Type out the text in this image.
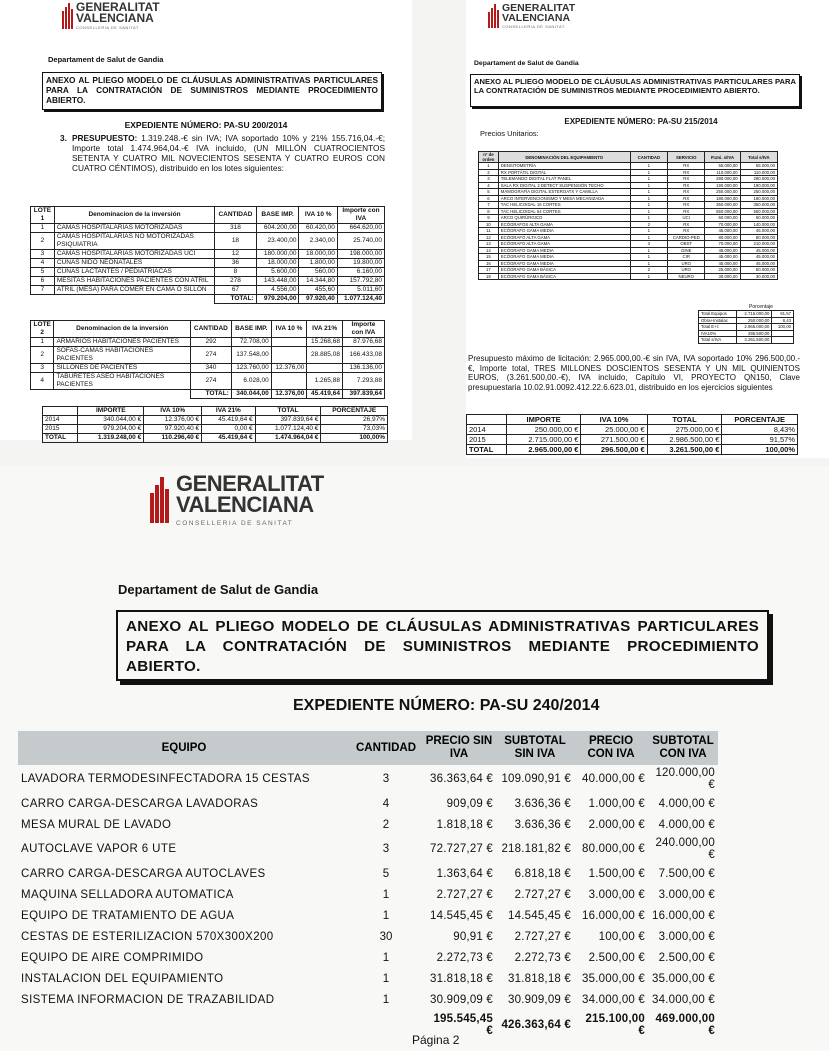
GENERALITAT
VALENCIANA
CONSELLERIA DE SANITAT
Departament de Salut de Gandia
ANEXO AL PLIEGO MODELO DE CLÁUSULAS ADMINISTRATIVAS PARTICULARES PARA LA CONTRATACIÓN DE SUMINISTROS MEDIANTE PROCEDIMIENTO ABIERTO.
EXPEDIENTE NÚMERO: PA-SU 200/2014
3. PRESUPUESTO: 1.319.248.-€ sin IVA; IVA soportado 10% y 21% 155.716,04.-€; Importe total 1.474.964,04.-€ IVA incluido, (UN MILLÓN CUATROCIENTOS SETENTA Y CUATRO MIL NOVECIENTOS SESENTA Y CUATRO EUROS CON CUATRO CÉNTIMOS), distribuido en los lotes siguientes:
LOTE 1	Denominacion de la inversión	CANTIDAD	BASE IMP.	IVA 10 %	Importe con IVA
1	CAMAS HOSPITALARIAS MOTORIZADAS	318	604.200,00	60.420,00	664.620,00
2	CAMAS HOSPITALARIAS NO MOTORIZADAS PSIQUIATRIA	18	23.400,00	2.340,00	25.740,00
3	CAMAS HOSPITALARIAS MOTORIZADAS UCI	12	180.000,00	18.000,00	198.000,00
4	CUNAS NIDO NEONATALES	36	18.000,00	1.800,00	19.800,00
5	CUNAS LACTANTES / PEDIATRIACAS	8	5.600,00	560,00	6.160,00
6	MESITAS HABITACIONES PACIENTES CON ATRIL	278	143.448,00	14.344,80	157.792,80
7	ATRIL (MESA) PARA COMER EN CAMA O SILLON	67	4.556,00	455,60	5.011,60
		TOTAL:	979.204,00	97.920,40	1.077.124,40
LOTE 2	Denominacion de la inversión	CANTIDAD	BASE IMP.	IVA 10 %	IVA 21%	Importe con IVA
1	ARMARIOS HABITACIONES PACIENTES	292	72.708,00		15.268,68	87.976,68
2	SOFAS-CAMAS HABITACIONES PACIENTES	274	137.548,00		28.885,08	166.433,08
3	SILLONES DE PACIENTES	340	123.760,00	12.376,00		136.136,00
4	TABURETES ASEO HABITACIONES PACIENTES	274	6.028,00		1.265,88	7.293,88
		TOTAL:	340.044,00	12.376,00	45.419,64	397.839,64
	IMPORTE	IVA 10%	IVA 21%	TOTAL	PORCENTAJE
2014	340.044,00 €	12.376,00 €	45.419,64 €	397.839,64 €	26,97%
2015	979.204,00 €	97.920,40 €	0,00 €	1.077.124,40 €	73,03%
TOTAL	1.319.248,00 €	110.296,40 €	45.419,64 €	1.474.964,04 €	100,00%
GENERALITAT
VALENCIANA
CONSELLERIA DE SANITAT
Departament de Salut de Gandia
ANEXO AL PLIEGO MODELO DE CLÁUSULAS ADMINISTRATIVAS PARTICULARES PARA LA CONTRATACIÓN DE SUMINISTROS MEDIANTE PROCEDIMIENTO ABIERTO.
EXPEDIENTE NÚMERO: PA-SU 215/2014
Precios Unitarios:
nº de orden	DENOMINACIÓN DEL EQUIPAMIENTO	CANTIDAD	SERVICIO	P.Uni. s/IVA	Total s/IVA
1	DENSITOMETRÍA	1	RX	55.000,00	55.000,00
2	RX PORTÁTIL DIGITAL	1	RX	110.000,00	110.000,00
3	TELEMANDO DIGITAL FLAT PANEL	1	RX	280.000,00	280.000,00
4	SALA RX DIGITAL 2 DETECT SUSPENSIÓN TECHO	1	RX	190.000,00	190.000,00
5	MAMOGRAFÍA DIGITAL ESTEROATX Y CAMILLA	1	RX	250.000,00	250.000,00
6	ARCO INTERVENCIONISMO Y MESA MECANIZADA	1	RX	180.000,00	180.000,00
7	TAC HELICOIDAL 16 CORTES	1	RX	350.000,00	350.000,00
8	TAC HELICOIDAL 64 CORTES	1	RX	550.000,00	550.000,00
9	ARCO QUIRÚRGICO	1	UCI	60.000,00	60.000,00
10	ECÓGRAFOS ALTA GAMA	2	RX	70.000,00	140.000,00
11	ECÓGRAFO GAMA MEDIA	1	RX	45.000,00	45.000,00
12	ECÓGRAFO ALTA GAMA	1	CARDIO-PED	80.000,00	80.000,00
13	ECÓGRAFO ALTA GAMA	3	OBST	70.000,00	210.000,00
14	ECÓGRAFO GAMA MEDIA	1	GINE	45.000,00	45.000,00
15	ECÓGRAFO GAMA MEDIA	1	CIR	45.000,00	45.000,00
16	ECÓGRAFO GAMA MEDIA	1	URO	45.000,00	45.000,00
17	ECÓGRAFO GAMA BÁSICA	2	URO	25.000,00	50.000,00
18	ECÓGRAFO GAMA BÁSICA	1	NEURO	30.000,00	30.000,00
Porcentaje
Total Equipos	2.715.000,00	91,57
Obra+Instalac	250.000,00	8,43
Total E+I:	2.965.000,00	100,00
IVA10%	296.500,00	
Total s/IVA	3.261.500,00	
Presupuesto máximo de licitación: 2.965.000,00.-€ sin IVA, IVA soportado 10% 296.500,00.-€, Importe total, TRES MILLONES DOSCIENTOS SESENTA Y UN MIL QUINIENTOS EUROS, (3.261.500,00.-€), IVA incluido, Capítulo VI, PROYECTO QN150, Clave presupuestaria 10.02.91.0092.412.22.6.623.01, distribuido en los ejercicios siguientes
	IMPORTE	IVA 10%	TOTAL	PORCENTAJE
2014	250.000,00 €	25.000,00 €	275.000,00 €	8,43%
2015	2.715.000,00 €	271.500,00 €	2.986.500,00 €	91,57%
TOTAL	2.965.000,00 €	296.500,00 €	3.261.500,00 €	100,00%
GENERALITAT
VALENCIANA
CONSELLERIA DE SANITAT
Departament de Salut de Gandia
ANEXO AL PLIEGO MODELO DE CLÁUSULAS ADMINISTRATIVAS PARTICULARES PARA LA CONTRATACIÓN DE SUMINISTROS MEDIANTE PROCEDIMIENTO ABIERTO.
EXPEDIENTE NÚMERO: PA-SU 240/2014
EQUIPO	CANTIDAD	PRECIO SIN IVA	SUBTOTAL SIN IVA	PRECIO CON IVA	SUBTOTAL CON IVA
LAVADORA TERMODESINFECTADORA 15 CESTAS	3	36.363,64 €	109.090,91 €	40.000,00 €	120.000,00 €
CARRO CARGA-DESCARGA LAVADORAS	4	909,09 €	3.636,36 €	1.000,00 €	4.000,00 €
MESA MURAL DE LAVADO	2	1.818,18 €	3.636,36 €	2.000,00 €	4.000,00 €
AUTOCLAVE VAPOR 6 UTE	3	72.727,27 €	218.181,82 €	80.000,00 €	240.000,00 €
CARRO CARGA-DESCARGA AUTOCLAVES	5	1.363,64 €	6.818,18 €	1.500,00 €	7.500,00 €
MAQUINA SELLADORA AUTOMATICA	1	2.727,27 €	2.727,27 €	3.000,00 €	3.000,00 €
EQUIPO DE TRATAMIENTO DE AGUA	1	14.545,45 €	14.545,45 €	16.000,00 €	16.000,00 €
CESTAS DE ESTERILIZACION 570X300X200	30	90,91 €	2.727,27 €	100,00 €	3.000,00 €
EQUIPO DE AIRE COMPRIMIDO	1	2.272,73 €	2.272,73 €	2.500,00 €	2.500,00 €
INSTALACION DEL EQUIPAMIENTO	1	31.818,18 €	31.818,18 €	35.000,00 €	35.000,00 €
SISTEMA INFORMACION DE TRAZABILIDAD	1	30.909,09 €	30.909,09 €	34.000,00 €	34.000,00 €
		195.545,45 €	426.363,64 €	215.100,00 €	469.000,00 €
Página 2
